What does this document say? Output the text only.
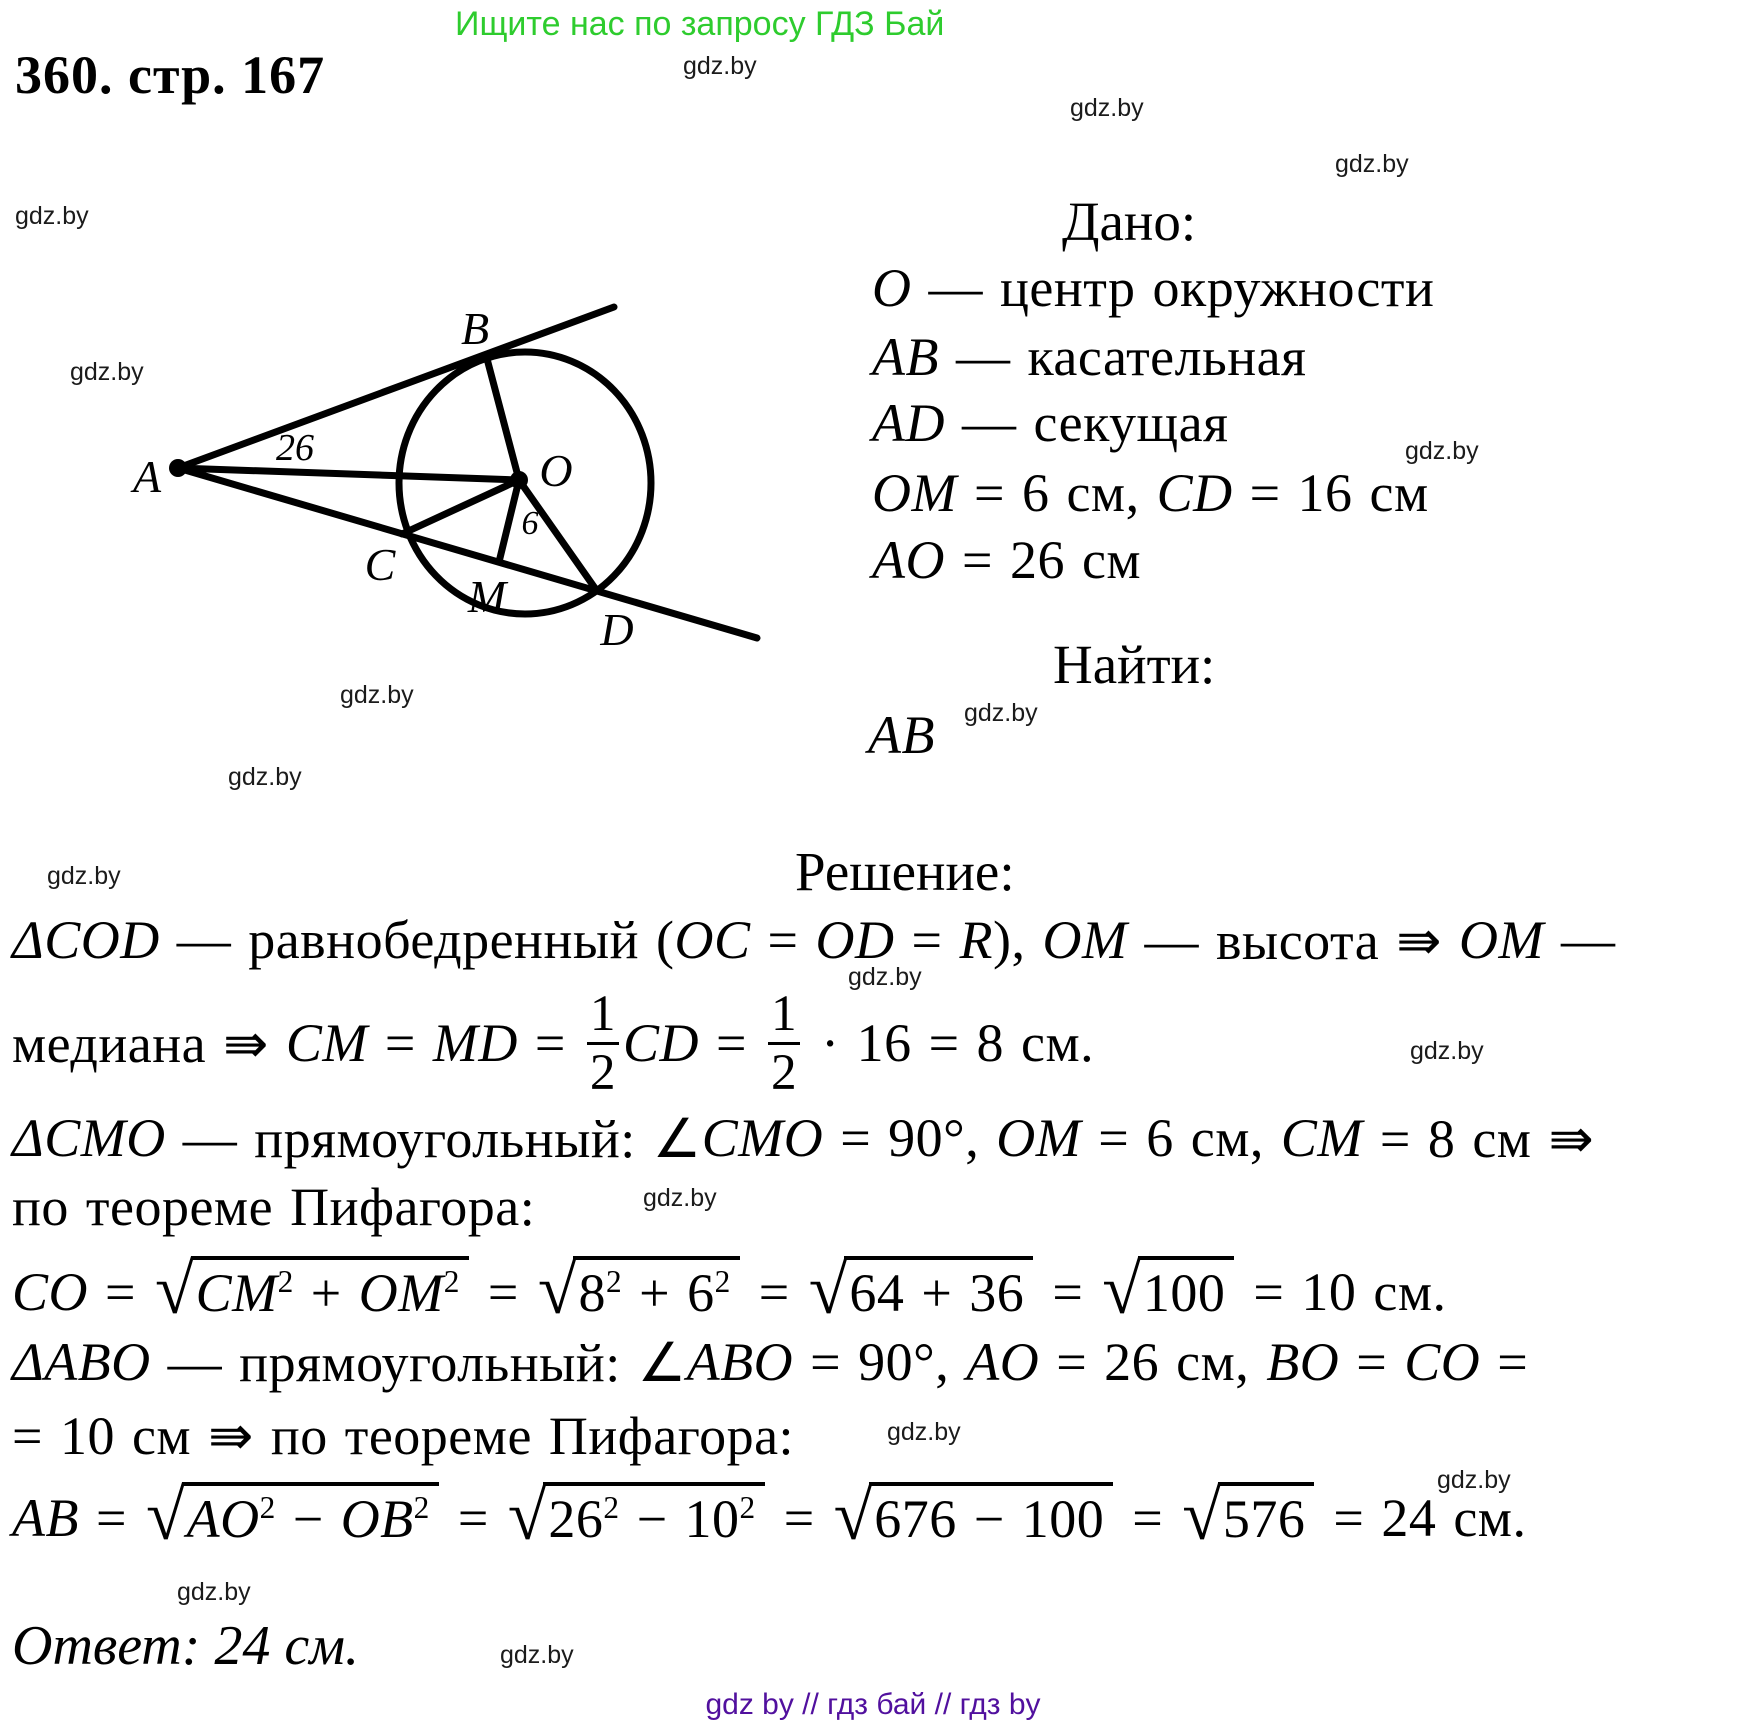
Ищите нас по запросу ГДЗ Бай
360. стр. 167	gdz.by
gdz.by
gdz.by
gdz.by
gdz.by
gdz.by
gdz.by
gdz.by
gdz.by
gdz.by
gdz.by
gdz.by
gdz.by
gdz.by
gdz.by
gdz.by
gdz.by
A
B
O
C
M
D
26
6
Дано:
O — центр окружности
AB — касательная
AD — секущая
OM = 6 см, CD = 16 см
AO = 26 см
Найти:
AB
Решение:
ΔCOD — равнобедренный ( OC = OD = R ), OM — высота ⇛ OM —
медиана ⇛ CM = MD = $\frac{1}{2}$ CD = $\frac{1}{2} \cdot 16 = 8$ см.
ΔCMO — прямоугольный: ∠ CMO = 90°, OM = 6 см, CM = 8 см ⇛
по теореме Пифагора:
CO = √ $CM^2 + OM^2$ = √ $8^2 + 6^2$ = √ 64 + 36 = √ 100 = 10 см.
ΔABO — прямоугольный: ∠ ABO = 90°, AO = 26 см, BO = CO =
= 10 см ⇛ по теореме Пифагора:
AB = √ $AO^2 - OB^2$ = √ $26^2 - 10^2$ = √ 676 − 100 = √ 576 = 24 см.
Ответ: 24 см.
gdz by // гдз бай // гдз by
